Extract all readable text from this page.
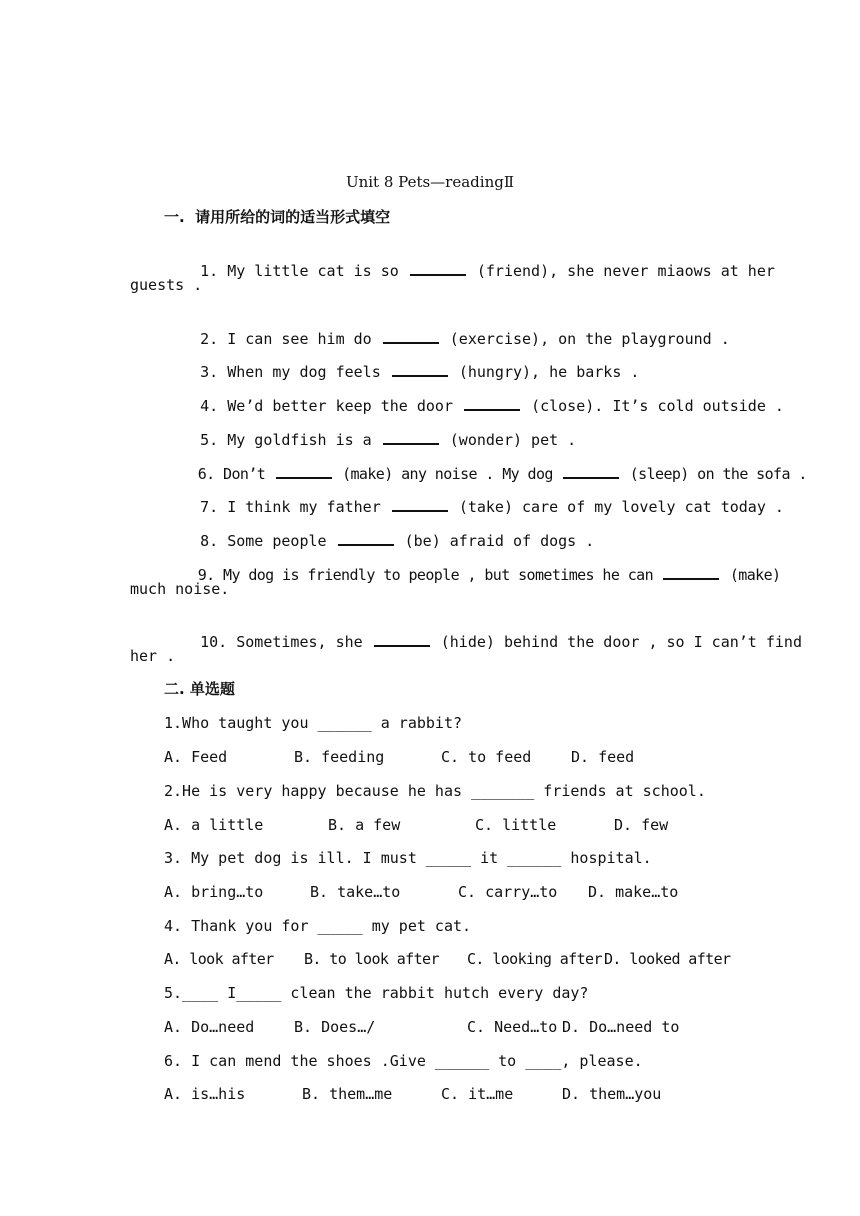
Unit 8 Pets—readingⅡ
一.  请用所给的词的适当形式填空

1. My little cat is so	(friend), she never miaows at her

guests .

2. I can see him do	(exercise), on the playground .

3. When my dog feels	(hungry), he barks .

4. We’d better keep the door	(close). It’s cold outside .

5. My goldfish is a	(wonder) pet .

6. Don’t	(make) any noise . My dog	(sleep) on the sofa .

7. I think my father	(take) care of my lovely cat today .

8. Some people	(be) afraid of dogs .

9. My dog is friendly to people , but sometimes he can	(make)

much noise.

10. Sometimes, she	(hide) behind the door , so I can’t find

her .
二. 单选题
1.Who taught you ______ a rabbit?

A. Feed

	B. feeding

	C. to feed

	D. feed

2.He is very happy because he has _______ friends at school.

A. a little

	B. a few

	C. little

	D. few

3. My pet dog is ill. I must _____ it ______ hospital.

A. bring…to

	B. take…to

	C. carry…to

D. make…to

4. Thank you for _____ my pet cat.

A. look after

B. to look after

C. looking after

D. looked after

5.____ I_____ clean the rabbit hutch every day?

A. Do…need

	B. Does…/

	C. Need…to

D. Do…need to

6. I can mend the shoes .Give ______ to ____, please.

A. is…his

	B. them…me

	C. it…me

	D. them…you
